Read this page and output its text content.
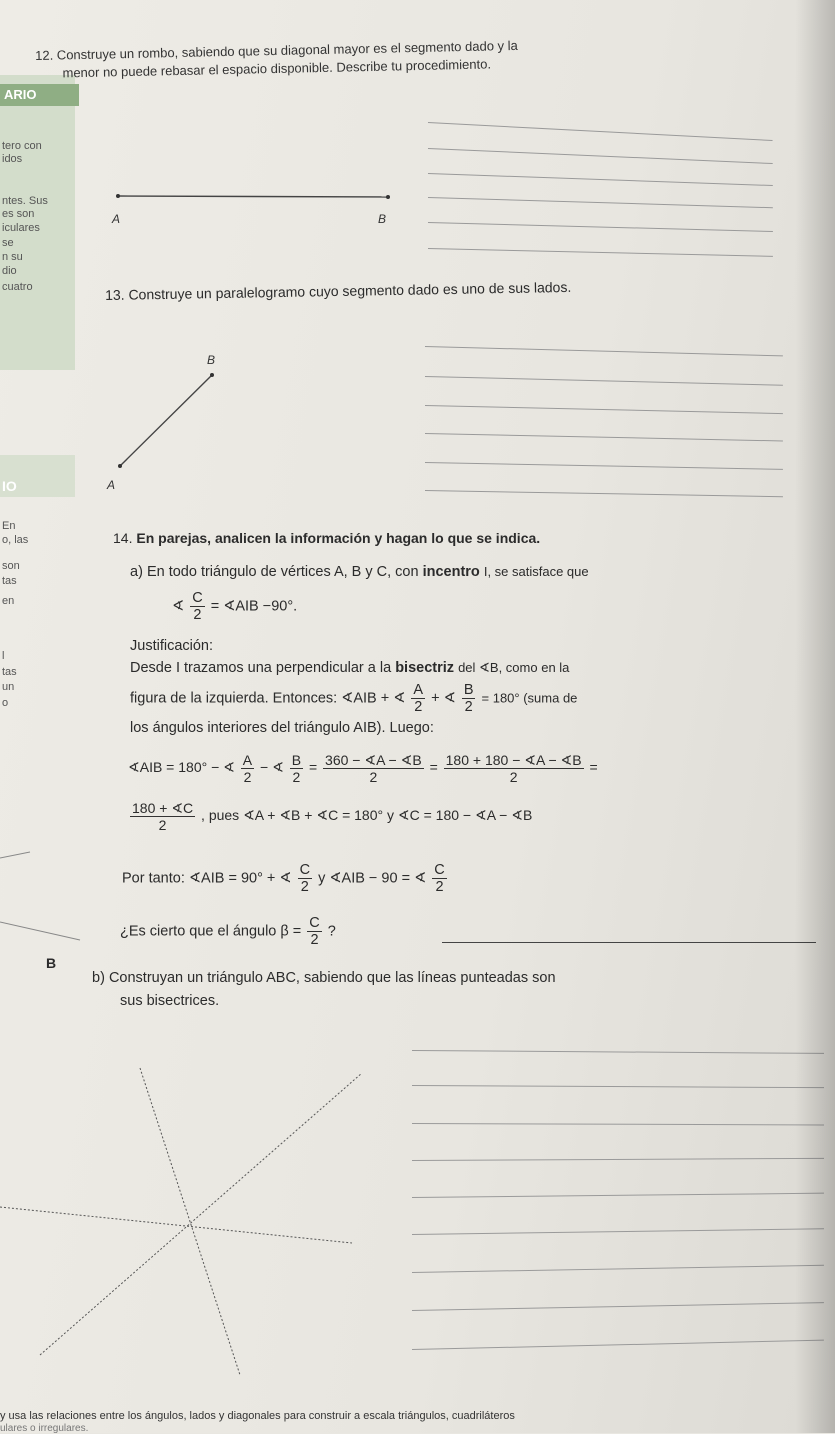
ARIO
tero con
idos
ntes. Sus
es son
iculares
se
n su
dio
cuatro
IO
En
o, las
son
tas
en
l
tas
un
o
12. Construye un rombo, sabiendo que su diagonal mayor es el segmento dado y la
menor no puede rebasar el espacio disponible. Describe tu procedimiento.
A	B
13. Construye un paralelogramo cuyo segmento dado es uno de sus lados.
B
A
14. En parejas, analicen la información y hagan lo que se indica.
a) En todo triángulo de vértices A, B y C, con incentro I, se satisface que
∢ $\frac{C}{2}$ = ∢AIB −90°.
Justificación:
Desde I trazamos una perpendicular a la bisectriz del ∢B, como en la
figura de la izquierda. Entonces: ∢AIB + ∢ $\frac{A}{2}$ + ∢ $\frac{B}{2} = 180^\circ$ (suma de
los ángulos interiores del triángulo AIB). Luego:
∢AIB = 180° − ∢ $\frac{A}{2}$ − ∢ $\frac{B}{2} = \frac{360 - ∢A - ∢B}{2} = \frac{180 + 180 - ∢A - ∢B}{2}$ =
$\frac{180 + ∢C}{2}$ , pues ∢A + ∢B + ∢C = 180° y ∢C = 180 − ∢A − ∢B
Por tanto: ∢AIB = 90° + ∢ $\frac{C}{2}$ y ∢AIB − 90 = ∢ $\frac{C}{2}$
¿Es cierto que el ángulo $\beta = \frac{C}{2}$ ?
B
b) Construyan un triángulo ABC, sabiendo que las líneas punteadas son
sus bisectrices.
y usa las relaciones entre los ángulos, lados y diagonales para construir a escala triángulos, cuadriláteros
ulares o irregulares.
